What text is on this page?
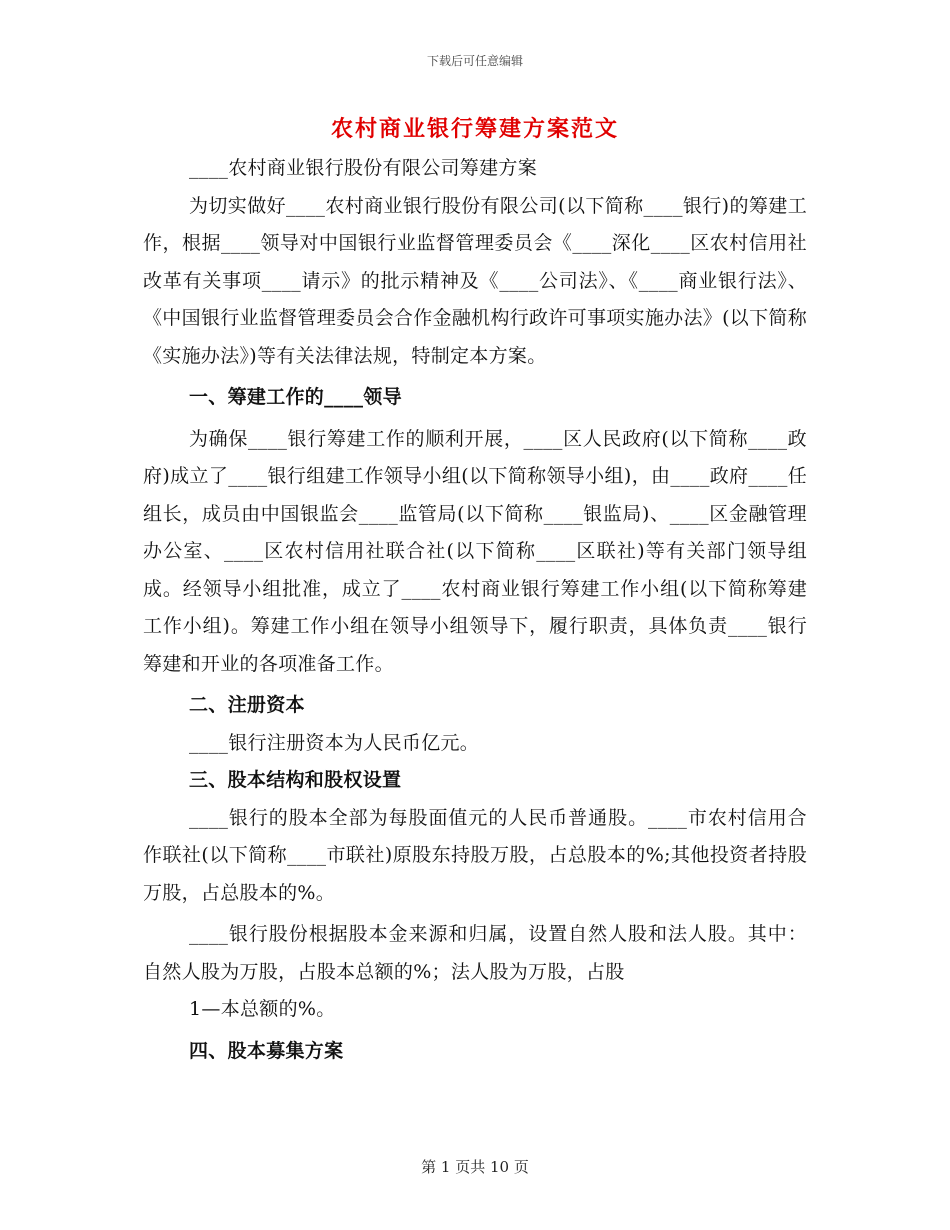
下载后可任意编辑
农村商业银行筹建方案范文

____农村商业银行股份有限公司筹建方案

为切实做好____农村商业银行股份有限公司(以下简称____银行)的筹建工作，根据____领导对中国银行业监督管理委员会《____深化____区农村信用社改革有关事项____请示》的批示精神及《____公司法》、《____商业银行法》、《中国银行业监督管理委员会合作金融机构行政许可事项实施办法》(以下简称《实施办法》)等有关法律法规，特制定本方案。

一、筹建工作的____领导

为确保____银行筹建工作的顺利开展，____区人民政府(以下简称____政府)成立了____银行组建工作领导小组(以下简称领导小组)，由____政府____任组长，成员由中国银监会____监管局(以下简称____银监局)、____区金融管理办公室、____区农村信用社联合社(以下简称____区联社)等有关部门领导组成。经领导小组批准，成立了____农村商业银行筹建工作小组(以下简称筹建工作小组)。筹建工作小组在领导小组领导下，履行职责，具体负责____银行筹建和开业的各项准备工作。

二、注册资本

____银行注册资本为人民币亿元。

三、股本结构和股权设置

____银行的股本全部为每股面值元的人民币普通股。____市农村信用合作联社(以下简称____市联社)原股东持股万股，占总股本的%;其他投资者持股万股，占总股本的%。

____银行股份根据股本金来源和归属，设置自然人股和法人股。其中：自然人股为万股，占股本总额的%；法人股为万股，占股

1—本总额的%。

四、股本募集方案

第 1 页共 10 页
